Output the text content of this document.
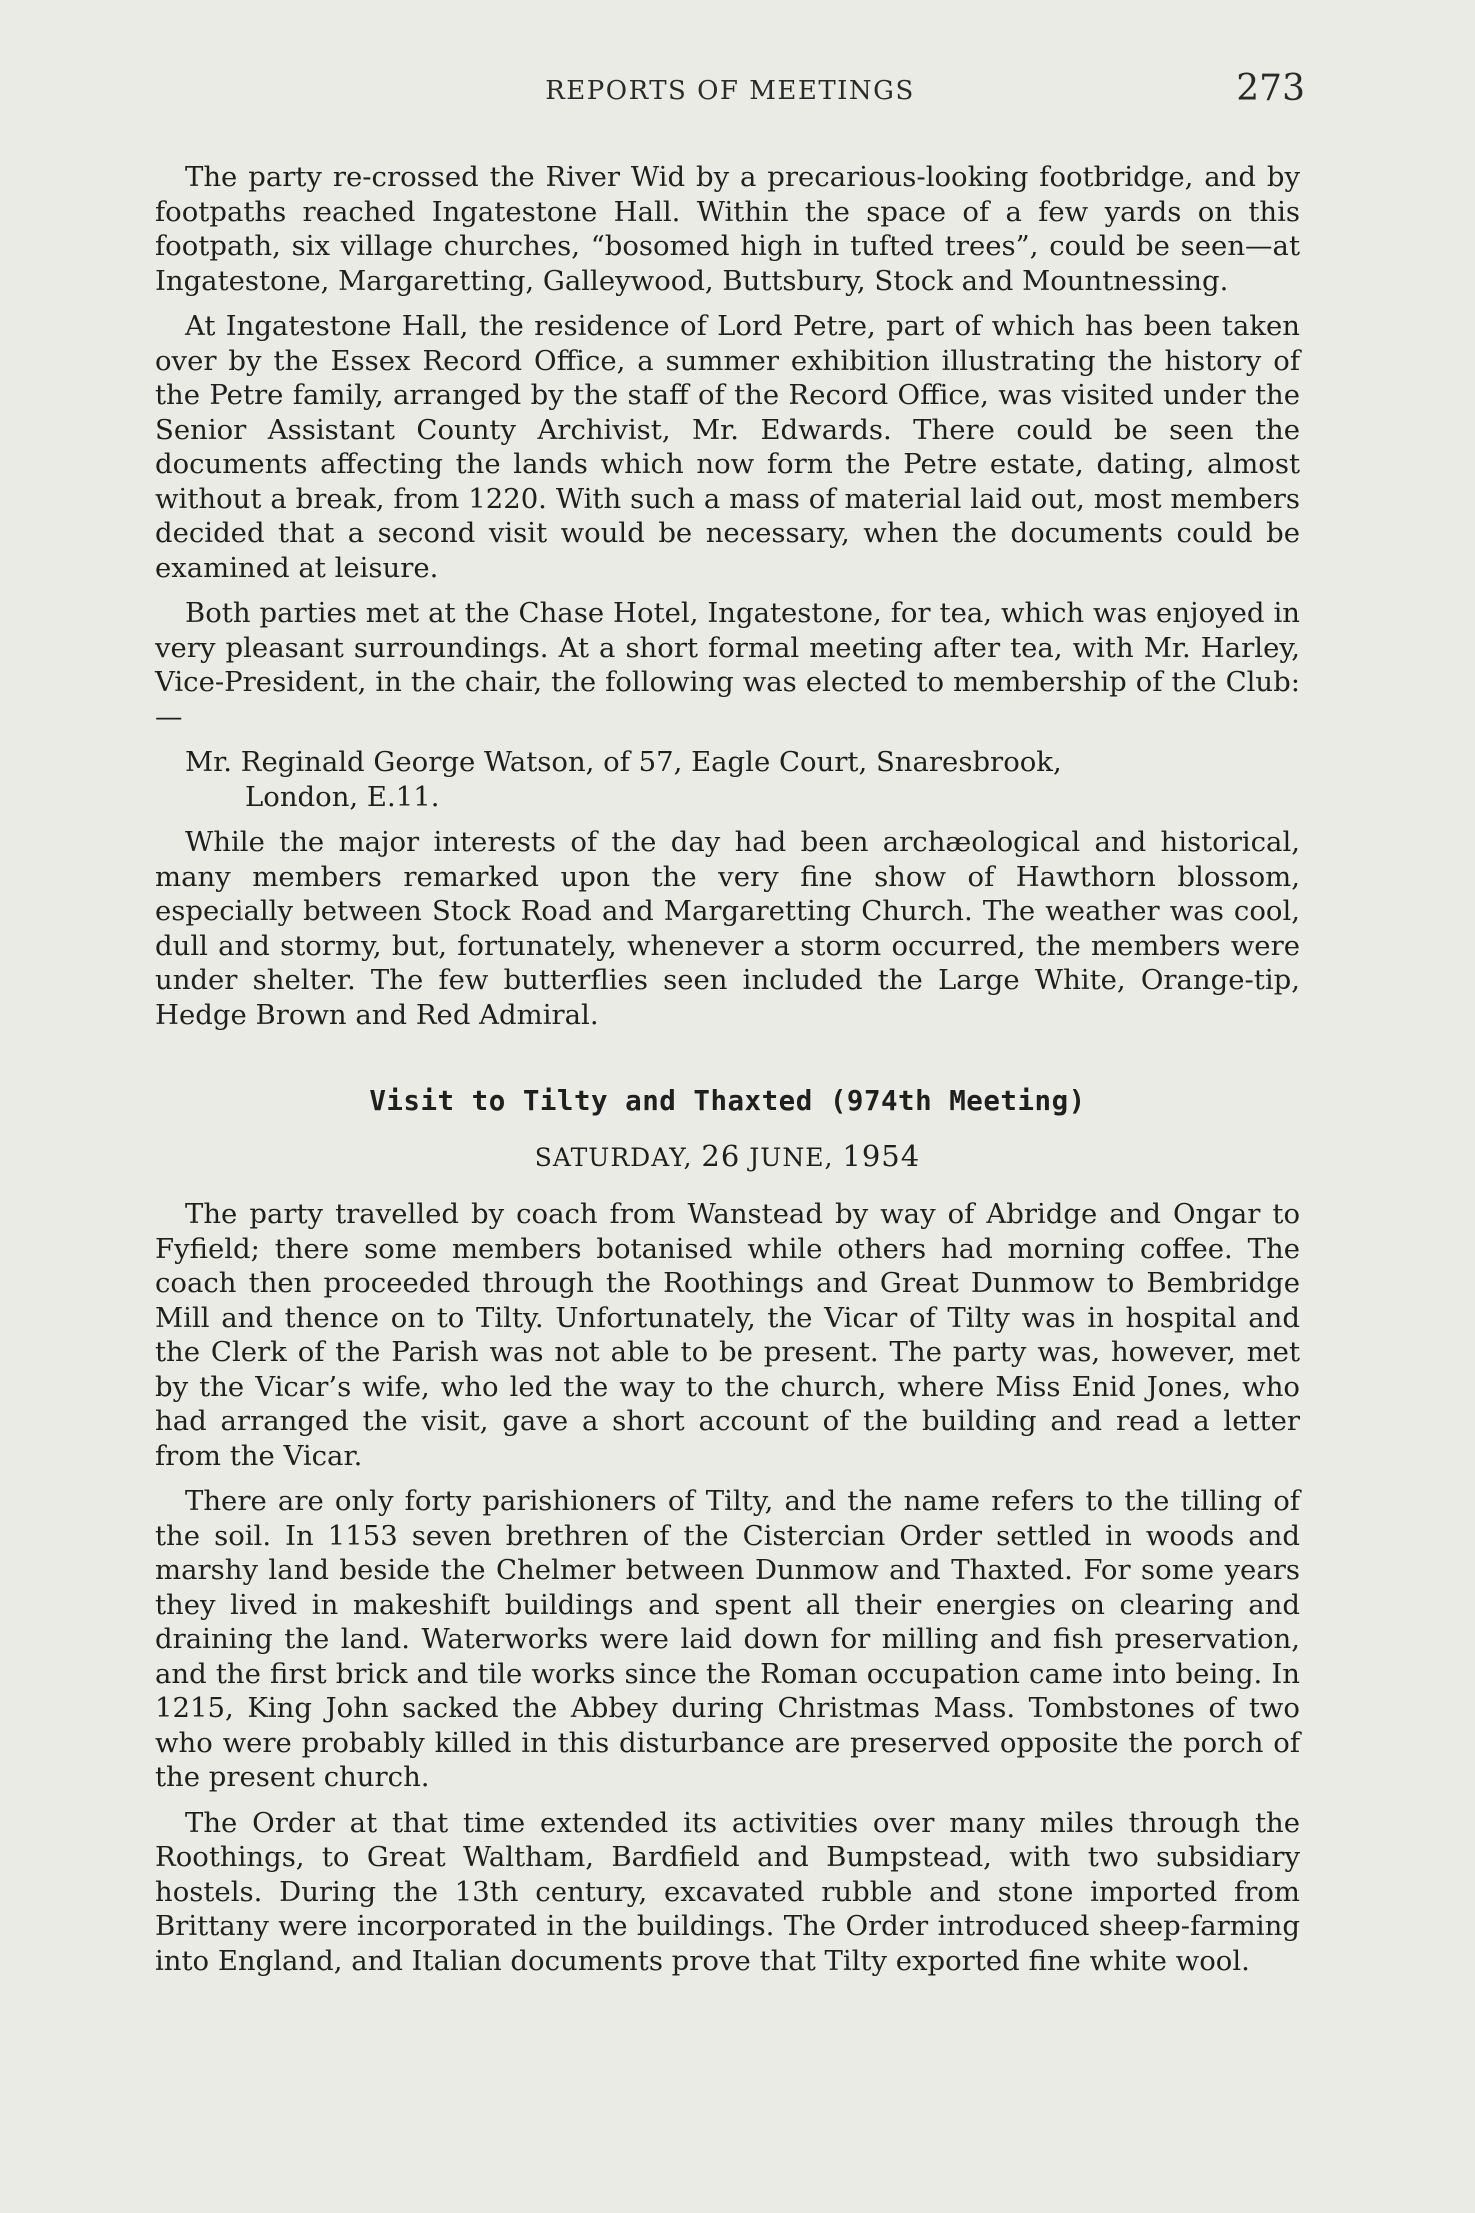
REPORTS OF MEETINGS	273

The party re-crossed the River Wid by a precarious-looking footbridge, and by footpaths reached Ingatestone Hall. Within the space of a few yards on this footpath, six village churches, “bosomed high in tufted trees”, could be seen—at Ingatestone, Margaretting, Galleywood, Buttsbury, Stock and Mountnessing.

At Ingatestone Hall, the residence of Lord Petre, part of which has been taken over by the Essex Record Office, a summer exhibition illustrating the history of the Petre family, arranged by the staff of the Record Office, was visited under the Senior Assistant County Archivist, Mr. Edwards. There could be seen the documents affecting the lands which now form the Petre estate, dating, almost without a break, from 1220. With such a mass of material laid out, most members decided that a second visit would be necessary, when the documents could be examined at leisure.

Both parties met at the Chase Hotel, Ingatestone, for tea, which was enjoyed in very pleasant surroundings. At a short formal meeting after tea, with Mr. Harley, Vice-President, in the chair, the following was elected to membership of the Club:—

Mr. Reginald George Watson, of 57, Eagle Court, Snaresbrook,
London, E.11.

While the major interests of the day had been archæological and historical, many members remarked upon the very fine show of Hawthorn blossom, especially between Stock Road and Margaretting Church. The weather was cool, dull and stormy, but, fortunately, whenever a storm occurred, the members were under shelter. The few butterflies seen included the Large White, Orange-tip, Hedge Brown and Red Admiral.

Visit to Tilty and Thaxted (974th Meeting)
SATURDAY, 26 JUNE, 1954

The party travelled by coach from Wanstead by way of Abridge and Ongar to Fyfield; there some members botanised while others had morning coffee. The coach then proceeded through the Roothings and Great Dunmow to Bembridge Mill and thence on to Tilty. Unfortunately, the Vicar of Tilty was in hospital and the Clerk of the Parish was not able to be present. The party was, however, met by the Vicar’s wife, who led the way to the church, where Miss Enid Jones, who had arranged the visit, gave a short account of the building and read a letter from the Vicar.

There are only forty parishioners of Tilty, and the name refers to the tilling of the soil. In 1153 seven brethren of the Cistercian Order settled in woods and marshy land beside the Chelmer between Dunmow and Thaxted. For some years they lived in makeshift buildings and spent all their energies on clearing and draining the land. Waterworks were laid down for milling and fish preservation, and the first brick and tile works since the Roman occupation came into being. In 1215, King John sacked the Abbey during Christmas Mass. Tombstones of two who were probably killed in this disturbance are preserved opposite the porch of the present church.

The Order at that time extended its activities over many miles through the Roothings, to Great Waltham, Bardfield and Bumpstead, with two subsidiary hostels. During the 13th century, excavated rubble and stone imported from Brittany were incorporated in the buildings. The Order introduced sheep-farming into England, and Italian documents prove that Tilty exported fine white wool.
